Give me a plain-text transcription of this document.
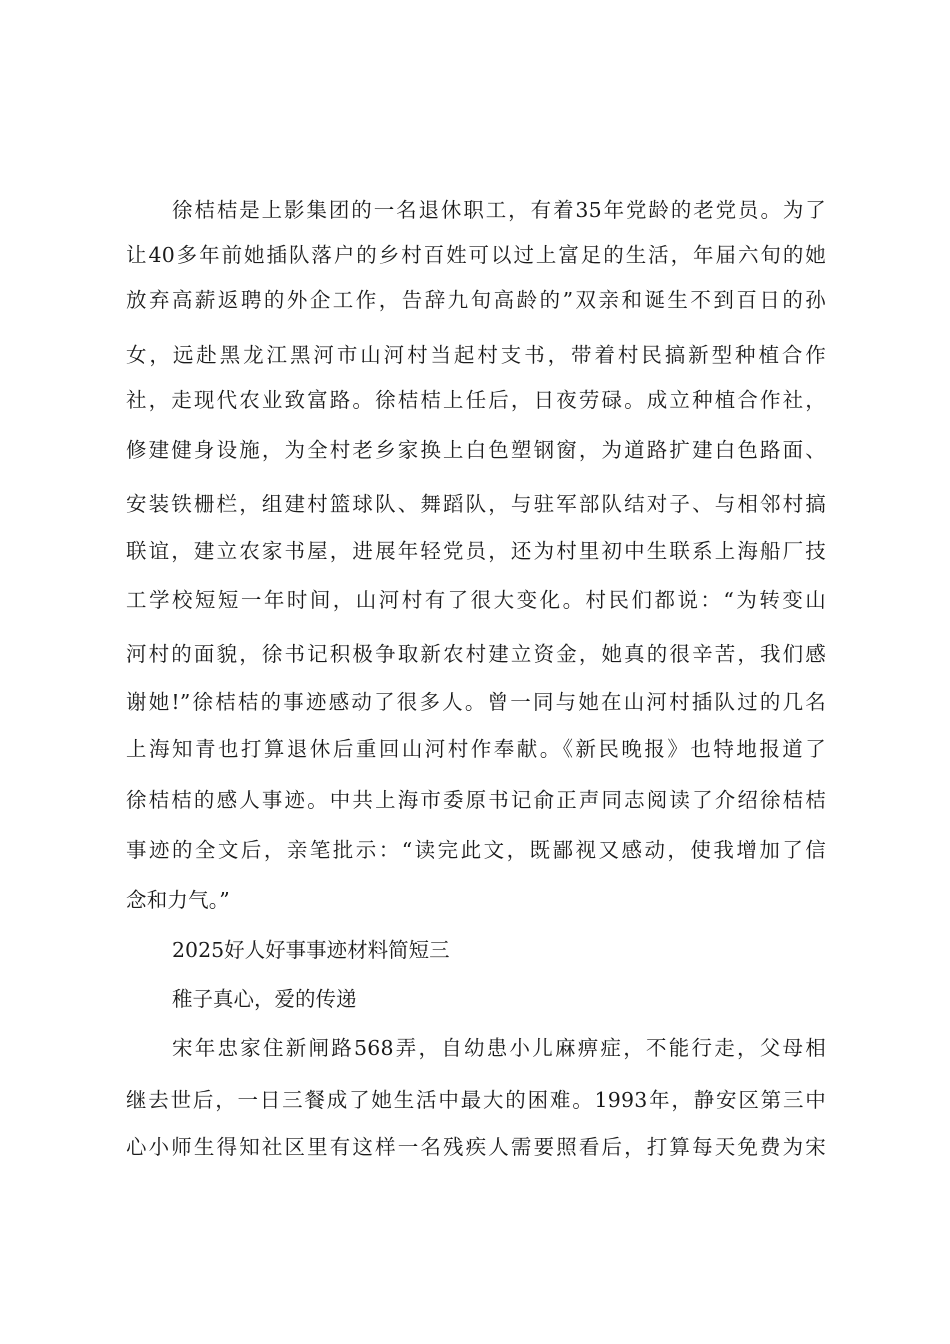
徐桔桔是上影集团的一名退休职工，有着35年党龄的老党员。为了
让40多年前她插队落户的乡村百姓可以过上富足的生活，年届六旬的她
放弃高薪返聘的外企工作，告辞九旬高龄的”双亲和诞生不到百日的孙
女，远赴黑龙江黑河市山河村当起村支书，带着村民搞新型种植合作
社，走现代农业致富路。徐桔桔上任后，日夜劳碌。成立种植合作社，
修建健身设施，为全村老乡家换上白色塑钢窗，为道路扩建白色路面、
安装铁栅栏，组建村篮球队、舞蹈队，与驻军部队结对子、与相邻村搞
联谊，建立农家书屋，进展年轻党员，还为村里初中生联系上海船厂技
工学校短短一年时间，山河村有了很大变化。村民们都说：“为转变山
河村的面貌，徐书记积极争取新农村建立资金，她真的很辛苦，我们感
谢她!”徐桔桔的事迹感动了很多人。曾一同与她在山河村插队过的几名
上海知青也打算退休后重回山河村作奉献。《新民晚报》也特地报道了
徐桔桔的感人事迹。中共上海市委原书记俞正声同志阅读了介绍徐桔桔
事迹的全文后，亲笔批示：“读完此文，既鄙视又感动，使我增加了信
念和力气。”
2025好人好事事迹材料简短三
稚子真心，爱的传递
宋年忠家住新闸路568弄，自幼患小儿麻痹症，不能行走，父母相
继去世后，一日三餐成了她生活中最大的困难。1993年，静安区第三中
心小师生得知社区里有这样一名残疾人需要照看后，打算每天免费为宋
